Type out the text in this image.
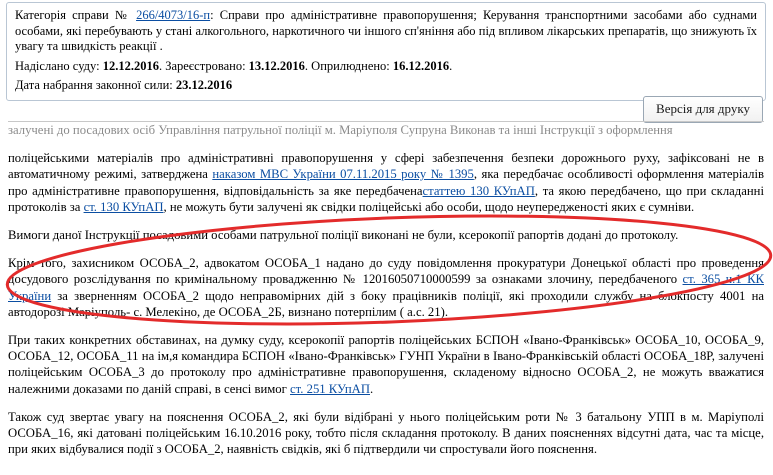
Категорія справи № 266/4073/16-п: Справи про адміністративне правопорушення; Керування транспортними засобами або суднами особами, які перебувають у стані алкогольного, наркотичного чи іншого сп'яніння або під впливом лікарських препаратів, що знижують їх увагу та швидкість реакції .
Надіслано суду: 12.12.2016. Зареєстровано: 13.12.2016. Оприлюднено: 16.12.2016.
Дата набрання законної сили: 23.12.2016
Версія для друку

залучені до посадових осіб Управління патрульної поліції м. Маріуполя Супруна Виконав та інші Інструкції з оформлення

поліцейськими матеріалів про адміністративні правопорушення у сфері забезпечення безпеки дорожнього руху, зафіксовані не в автоматичному режимі, затверджена наказом МВС України 07.11.2015 року № 1395, яка передбачає особливості оформлення матеріалів про адміністративне правопорушення, відповідальність за яке передбаченастаттею 130 КУпАП, та якою передбачено, що при складанні протоколів за ст. 130 КУпАП, не можуть бути залучені як свідки поліцейські або особи, щодо неупередженості яких є сумніви.

Вимоги даної Інструкції посадовими особами патрульної поліції виконані не були, ксерокопії рапортів додані до протоколу.

Крім того, захисником ОСОБА_2, адвокатом ОСОБА_1 надано до суду повідомлення прокуратури Донецької області про проведення досудового розслідування по кримінальному провадженню № 12016050710000599 за ознаками злочину, передбаченого ст. 365 ч.1 КК України за зверненням ОСОБА_2 щодо неправомірних дій з боку працівників поліції, які проходили службу на блокпосту 4001 на автодорозі Маріуполь- с. Мелекіно, де ОСОБА_2Б, визнано потерпілим ( а.с. 21).

При таких конкретних обставинах, на думку суду, ксерокопії рапортів поліцейських БСПОН «Івано-Франківськ» ОСОБА_10, ОСОБА_9, ОСОБА_12, ОСОБА_11 на ім,я командира БСПОН «Івано-Франківськ» ГУНП України в Івано-Франківській області ОСОБА_18Р, залучені поліцейським ОСОБА_3 до протоколу про адміністративне правопорушення, складеному відносно ОСОБА_2, не можуть вважатися належними доказами по даній справі, в сенсі вимог ст. 251 КУпАП.

Також суд звертає увагу на пояснення ОСОБА_2, які були відібрані у нього поліцейським роти № 3 батальону УПП в м. Маріуполі ОСОБА_16, які датовані поліцейським 16.10.2016 року, тобто після складання протоколу. В даних поясненнях відсутні дата, час та місце, при яких відбувалися події з ОСОБА_2, наявність свідків, які б підтвердили чи спростували його пояснення.
